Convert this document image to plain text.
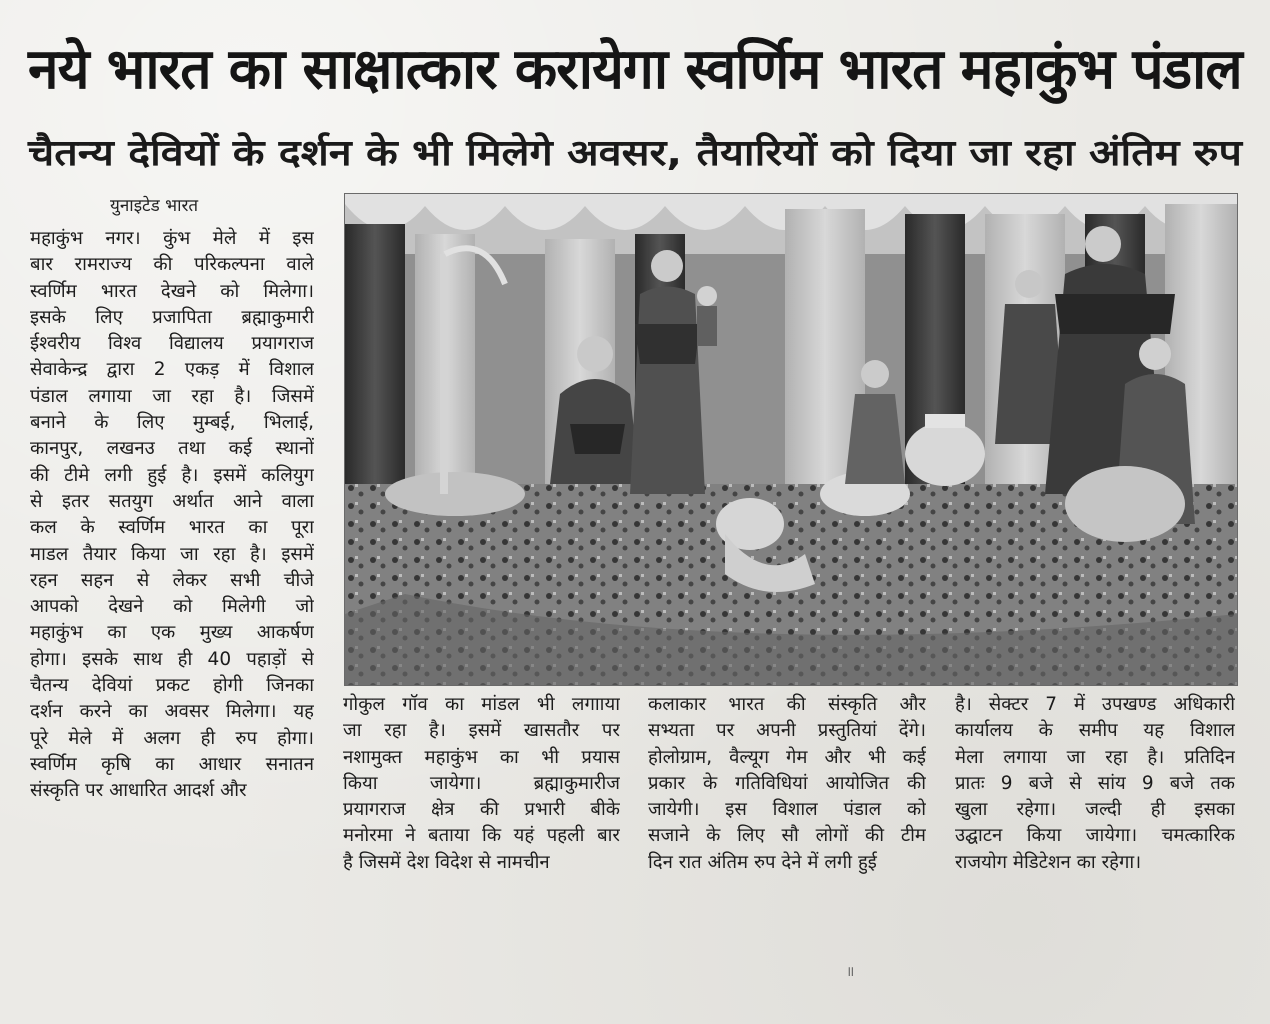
नये भारत का साक्षात्कार करायेगा स्वर्णिम भारत महाकुंभ पंडाल
चैतन्य देवियों के दर्शन के भी मिलेगे अवसर, तैयारियों को दिया जा रहा अंतिम रुप
युनाइटेड भारत
महाकुंभ नगर। कुंभ मेले में इस
बार रामराज्य की परिकल्पना वाले
स्वर्णिम भारत देखने को मिलेगा।
इसके लिए प्रजापिता ब्रह्माकुमारी
ईश्वरीय विश्व विद्यालय प्रयागराज
सेवाकेन्द्र द्वारा 2 एकड़ में विशाल
पंडाल लगाया जा रहा है। जिसमें
बनाने के लिए मुम्बई, भिलाई,
कानपुर, लखनउ तथा कई स्थानों
की टीमे लगी हुई है। इसमें कलियुग
से इतर सतयुग अर्थात आने वाला
कल के स्वर्णिम भारत का पूरा
माडल तैयार किया जा रहा है। इसमें
रहन सहन से लेकर सभी चीजे
आपको देखने को मिलेगी जो
महाकुंभ का एक मुख्य आकर्षण
होगा। इसके साथ ही 40 पहाड़ों से
चैतन्य देवियां प्रकट होगी जिनका
दर्शन करने का अवसर मिलेगा। यह
पूरे मेले में अलग ही रुप होगा।
स्वर्णिम कृषि का आधार सनातन
संस्कृति पर आधारित आदर्श और
गोकुल गॉव का मांडल भी लगााया
जा रहा है। इसमें खासतौर पर
नशामुक्त महाकुंभ का भी प्रयास
किया जायेगा। ब्रह्माकुमारीज
प्रयागराज क्षेत्र की प्रभारी बीके
मनोरमा ने बताया कि यहं पहली बार
है जिसमें देश विदेश से नामचीन
कलाकार भारत की संस्कृति और
सभ्यता पर अपनी प्रस्तुतियां देंगे।
होलोग्राम, वैल्यूग गेम और भी कई
प्रकार के गतिविधियां आयोजित की
जायेगी। इस विशाल पंडाल को
सजाने के लिए सौ लोगों की टीम
दिन रात अंतिम रुप देने में लगी हुई
है। सेक्टर 7 में उपखण्ड अधिकारी
कार्यालय के समीप यह विशाल
मेला लगाया जा रहा है। प्रतिदिन
प्रातः 9 बजे से सांय 9 बजे तक
खुला रहेगा। जल्दी ही इसका
उद्घाटन किया जायेगा। चमत्कारिक
राजयोग मेडिटेशन का रहेगा।
॥
